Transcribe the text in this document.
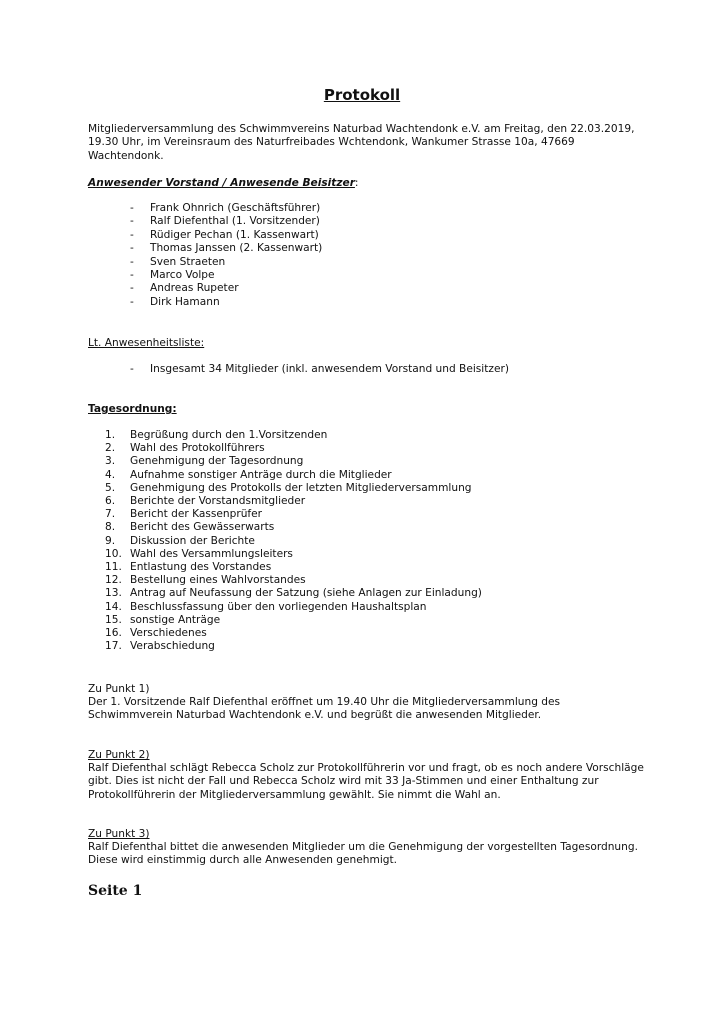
Protokoll
Mitgliederversammlung des Schwimmvereins Naturbad Wachtendonk e.V. am Freitag, den 22.03.2019, 19.30 Uhr, im Vereinsraum des Naturfreibades Wchtendonk, Wankumer Strasse 10a, 47669 Wachtendonk.
Anwesender Vorstand / Anwesende Beisitzer:
- Frank Ohnrich (Geschäftsführer)
- Ralf Diefenthal (1. Vorsitzender)
- Rüdiger Pechan (1. Kassenwart)
- Thomas Janssen (2. Kassenwart)
- Sven Straeten
- Marco Volpe
- Andreas Rupeter
- Dirk Hamann
Lt. Anwesenheitsliste:
- Insgesamt 34 Mitglieder (inkl. anwesendem Vorstand und Beisitzer)
Tagesordnung:
1. Begrüßung durch den 1.Vorsitzenden
2. Wahl des Protokollführers
3. Genehmigung der Tagesordnung
4. Aufnahme sonstiger Anträge durch die Mitglieder
5. Genehmigung des Protokolls der letzten Mitgliederversammlung
6. Berichte der Vorstandsmitglieder
7. Bericht der Kassenprüfer
8. Bericht des Gewässerwarts
9. Diskussion der Berichte
10. Wahl des Versammlungsleiters
11. Entlastung des Vorstandes
12. Bestellung eines Wahlvorstandes
13. Antrag auf Neufassung der Satzung (siehe Anlagen zur Einladung)
14. Beschlussfassung über den vorliegenden Haushaltsplan
15. sonstige Anträge
16. Verschiedenes
17. Verabschiedung
Zu Punkt 1)
Der 1. Vorsitzende Ralf Diefenthal eröffnet um 19.40 Uhr die Mitgliederversammlung des Schwimmverein Naturbad Wachtendonk e.V. und begrüßt die anwesenden Mitglieder.
Zu Punkt 2)
Ralf Diefenthal schlägt Rebecca Scholz zur Protokollführerin vor und fragt, ob es noch andere Vorschläge gibt. Dies ist nicht der Fall und Rebecca Scholz wird mit 33 Ja-Stimmen und einer Enthaltung zur Protokollführerin der Mitgliederversammlung gewählt. Sie nimmt die Wahl an.
Zu Punkt 3)
Ralf Diefenthal bittet die anwesenden Mitglieder um die Genehmigung der vorgestellten Tagesordnung. Diese wird einstimmig durch alle Anwesenden genehmigt.
Seite 1
